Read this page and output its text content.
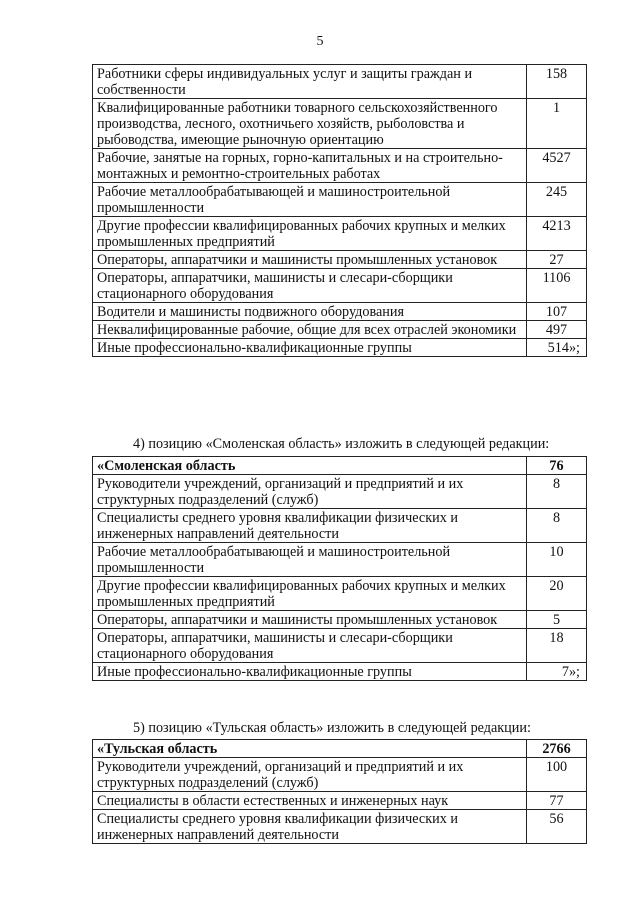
5
Работники сферы индивидуальных услуг и защиты граждан и собственности	158
Квалифицированные работники товарного сельскохозяйственного производства, лесного, охотничьего хозяйств, рыболовства и рыбоводства, имеющие рыночную ориентацию	1
Рабочие, занятые на горных, горно-капитальных и на строительно-монтажных и ремонтно-строительных работах	4527
Рабочие металлообрабатывающей и машиностроительной промышленности	245
Другие профессии квалифицированных рабочих крупных и мелких промышленных предприятий	4213
Операторы, аппаратчики и машинисты промышленных установок	27
Операторы, аппаратчики, машинисты и слесари-сборщики стационарного оборудования	1106
Водители и машинисты подвижного оборудования	107
Неквалифицированные рабочие, общие для всех отраслей экономики	497
Иные профессионально-квалификационные группы	514»;
4) позицию «Смоленская область» изложить в следующей редакции:
«Смоленская область	76
Руководители учреждений, организаций и предприятий и их структурных подразделений (служб)	8
Специалисты среднего уровня квалификации физических и инженерных направлений деятельности	8
Рабочие металлообрабатывающей и машиностроительной промышленности	10
Другие профессии квалифицированных рабочих крупных и мелких промышленных предприятий	20
Операторы, аппаратчики и машинисты промышленных установок	5
Операторы, аппаратчики, машинисты и слесари-сборщики стационарного оборудования	18
Иные профессионально-квалификационные группы	7»;
5) позицию «Тульская область» изложить в следующей редакции:
«Тульская область	2766
Руководители учреждений, организаций и предприятий и их структурных подразделений (служб)	100
Специалисты в области естественных и инженерных наук	77
Специалисты среднего уровня квалификации физических и инженерных направлений деятельности	56
